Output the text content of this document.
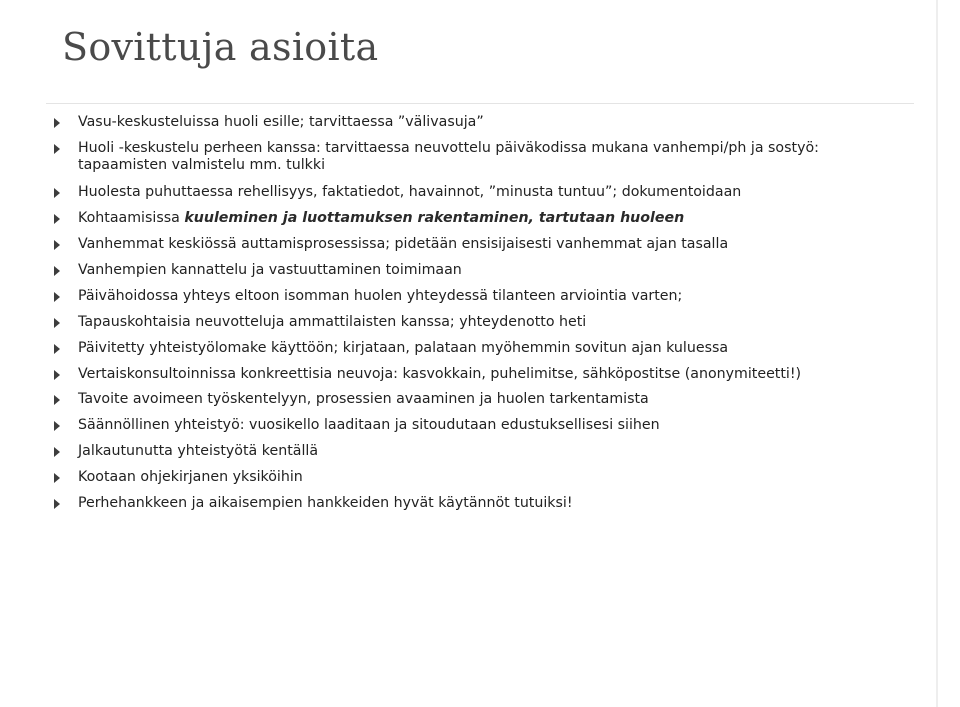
Sovittuja asioita
Vasu-keskusteluissa huoli esille; tarvittaessa ”välivasuja”
Huoli -keskustelu perheen kanssa: tarvittaessa neuvottelu päiväkodissa mukana vanhempi/ph ja sostyö: tapaamisten valmistelu mm. tulkki
Huolesta puhuttaessa rehellisyys, faktatiedot, havainnot, ”minusta tuntuu”; dokumentoidaan
Kohtaamisissa kuuleminen ja luottamuksen rakentaminen, tartutaan huoleen
Vanhemmat keskiössä auttamisprosessissa; pidetään ensisijaisesti vanhemmat ajan tasalla
Vanhempien kannattelu ja vastuuttaminen toimimaan
Päivähoidossa yhteys eltoon isomman huolen yhteydessä tilanteen arviointia varten;
Tapauskohtaisia neuvotteluja ammattilaisten kanssa; yhteydenotto heti
Päivitetty yhteistyölomake käyttöön; kirjataan, palataan myöhemmin sovitun ajan kuluessa
Vertaiskonsultoinnissa konkreettisia neuvoja: kasvokkain, puhelimitse, sähköpostitse (anonymiteetti!)
Tavoite avoimeen työskentelyyn, prosessien avaaminen ja huolen tarkentamista
Säännöllinen yhteistyö: vuosikello laaditaan ja sitoudutaan edustuksellisesi siihen
Jalkautunutta yhteistyötä kentällä
Kootaan ohjekirjanen yksiköihin
Perhehankkeen ja aikaisempien hankkeiden hyvät käytännöt tutuiksi!
